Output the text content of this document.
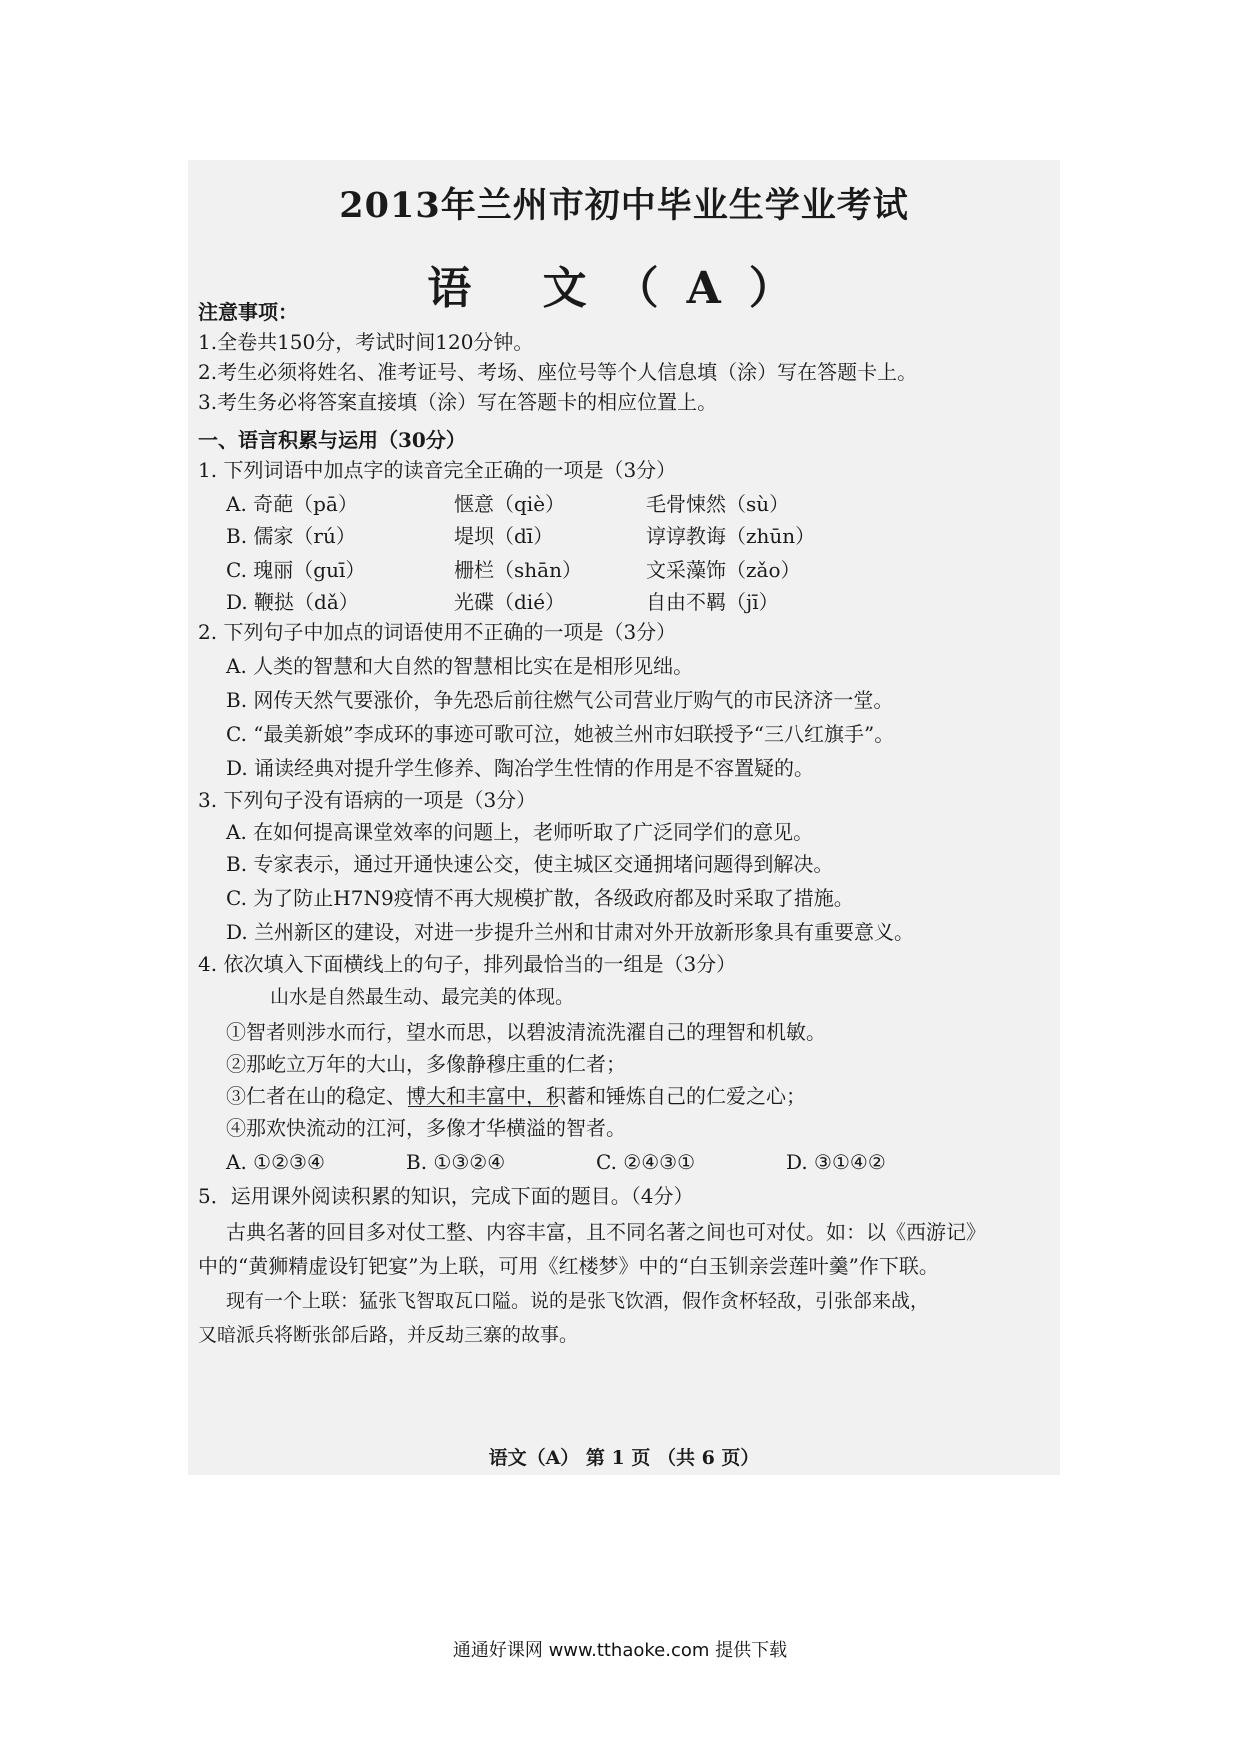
2013年兰州市初中毕业生学业考试
语 文（A）
注意事项：
1.全卷共150分，考试时间120分钟。
2.考生必须将姓名、准考证号、考场、座位号等个人信息填（涂）写在答题卡上。
3.考生务必将答案直接填（涂）写在答题卡的相应位置上。
一、语言积累与运用（30分）
1. 下列词语中加点字的读音完全正确的一项是（3分）
A. 奇葩（pā）	惬意（qiè）	毛骨悚然（sù）
B. 儒家（rú）	堤坝（dī）	谆谆教诲（zhūn）
C. 瑰丽（guī）	栅栏（shān）	文采藻饰（zǎo）
D. 鞭挞（dǎ）	光碟（dié）	自由不羁（jī）
2. 下列句子中加点的词语使用不正确的一项是（3分）
A. 人类的智慧和大自然的智慧相比实在是相形见绌。
B. 网传天然气要涨价，争先恐后前往燃气公司营业厅购气的市民济济一堂。
C. “最美新娘”李成环的事迹可歌可泣，她被兰州市妇联授予“三八红旗手”。
D. 诵读经典对提升学生修养、陶冶学生性情的作用是不容置疑的。
3. 下列句子没有语病的一项是（3分）
A. 在如何提高课堂效率的问题上，老师听取了广泛同学们的意见。
B. 专家表示，通过开通快速公交，使主城区交通拥堵问题得到解决。
C. 为了防止H7N9疫情不再大规模扩散，各级政府都及时采取了措施。
D. 兰州新区的建设，对进一步提升兰州和甘肃对外开放新形象具有重要意义。
4. 依次填入下面横线上的句子，排列最恰当的一组是（3分）
山水是自然最生动、最完美的体现。
①智者则涉水而行，望水而思，以碧波清流洗濯自己的理智和机敏。
②那屹立万年的大山，多像静穆庄重的仁者；
③仁者在山的稳定、博大和丰富中，积蓄和锤炼自己的仁爱之心；
④那欢快流动的江河，多像才华横溢的智者。
A. ①②③④	B. ①③②④	C. ②④③①	D. ③①④②
5．运用课外阅读积累的知识，完成下面的题目。（4分）
古典名著的回目多对仗工整、内容丰富，且不同名著之间也可对仗。如：以《西游记》
中的“黄狮精虚设钉钯宴”为上联，可用《红楼梦》中的“白玉钏亲尝莲叶羹”作下联。
现有一个上联：猛张飞智取瓦口隘。说的是张飞饮酒，假作贪杯轻敌，引张郃来战，
又暗派兵将断张郃后路，并反劫三寨的故事。
语文（A） 第 1 页 （共 6 页）
通通好课网 www.tthaoke.com 提供下载
